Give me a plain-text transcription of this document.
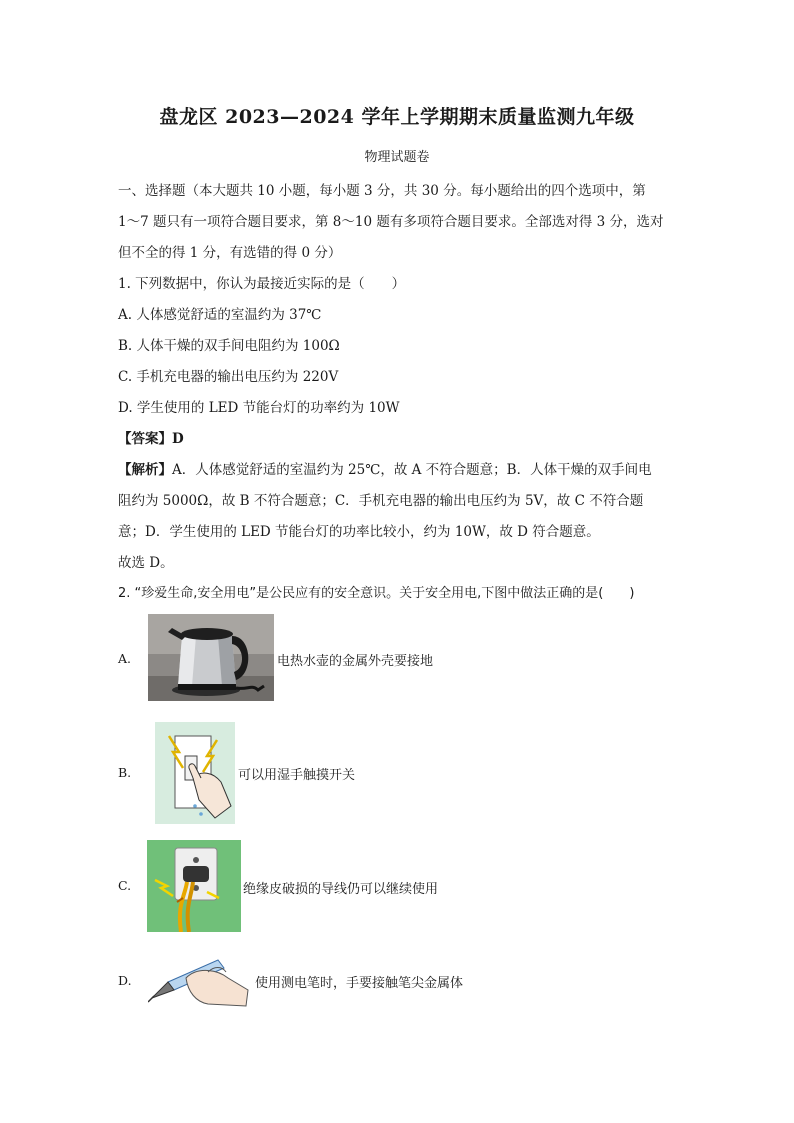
盘龙区 2023—2024 学年上学期期末质量监测九年级
物理试题卷
一、选择题（本大题共 10 小题，每小题 3 分，共 30 分。每小题给出的四个选项中，第
1～7 题只有一项符合题目要求，第 8～10 题有多项符合题目要求。全部选对得 3 分，选对
但不全的得 1 分，有选错的得 0 分）
1. 下列数据中，你认为最接近实际的是（　　）
A. 人体感觉舒适的室温约为 37℃
B. 人体干燥的双手间电阻约为 100Ω
C. 手机充电器的输出电压约为 220V
D. 学生使用的 LED 节能台灯的功率约为 10W
【答案】D
【解析】A．人体感觉舒适的室温约为 25℃，故 A 不符合题意；B．人体干燥的双手间电
阻约为 5000Ω，故 B 不符合题意；C．手机充电器的输出电压约为 5V，故 C 不符合题
意；D．学生使用的 LED 节能台灯的功率比较小，约为 10W，故 D 符合题意。
故选 D。
2. “珍爱生命,安全用电”是公民应有的安全意识。关于安全用电,下图中做法正确的是(　　)
A.	电热水壶的金属外壳要接地
B.	可以用湿手触摸开关
C.	绝缘皮破损的导线仍可以继续使用
D.	使用测电笔时，手要接触笔尖金属体
